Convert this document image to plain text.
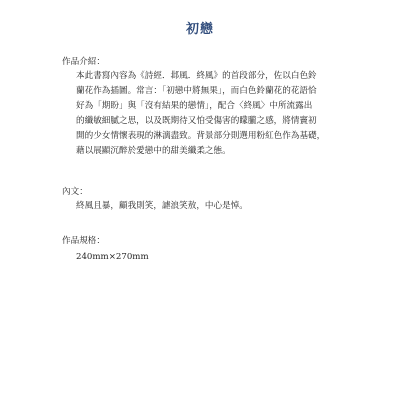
初戀
作品介紹：
本此書寫內容為《詩經．邶風．終風》的首段部分，佐以白色鈴
蘭花作為插圖。常言：「初戀中將無果」，而白色鈴蘭花的花語恰
好為「期盼」與「沒有結果的戀情」，配合〈終風〉中所流露出
的纖敏細膩之思，以及既期待又怕受傷害的矇朧之感，將情竇初
開的少女情懷表現的淋漓盡致。背景部分則選用粉紅色作為基礎，
藉以展顯沉醉於愛戀中的甜美纖柔之態。
內文：
終風且暴，顧我則笑，謔浪笑敖，中心是悼。
作品規格：
240mm×270mm
